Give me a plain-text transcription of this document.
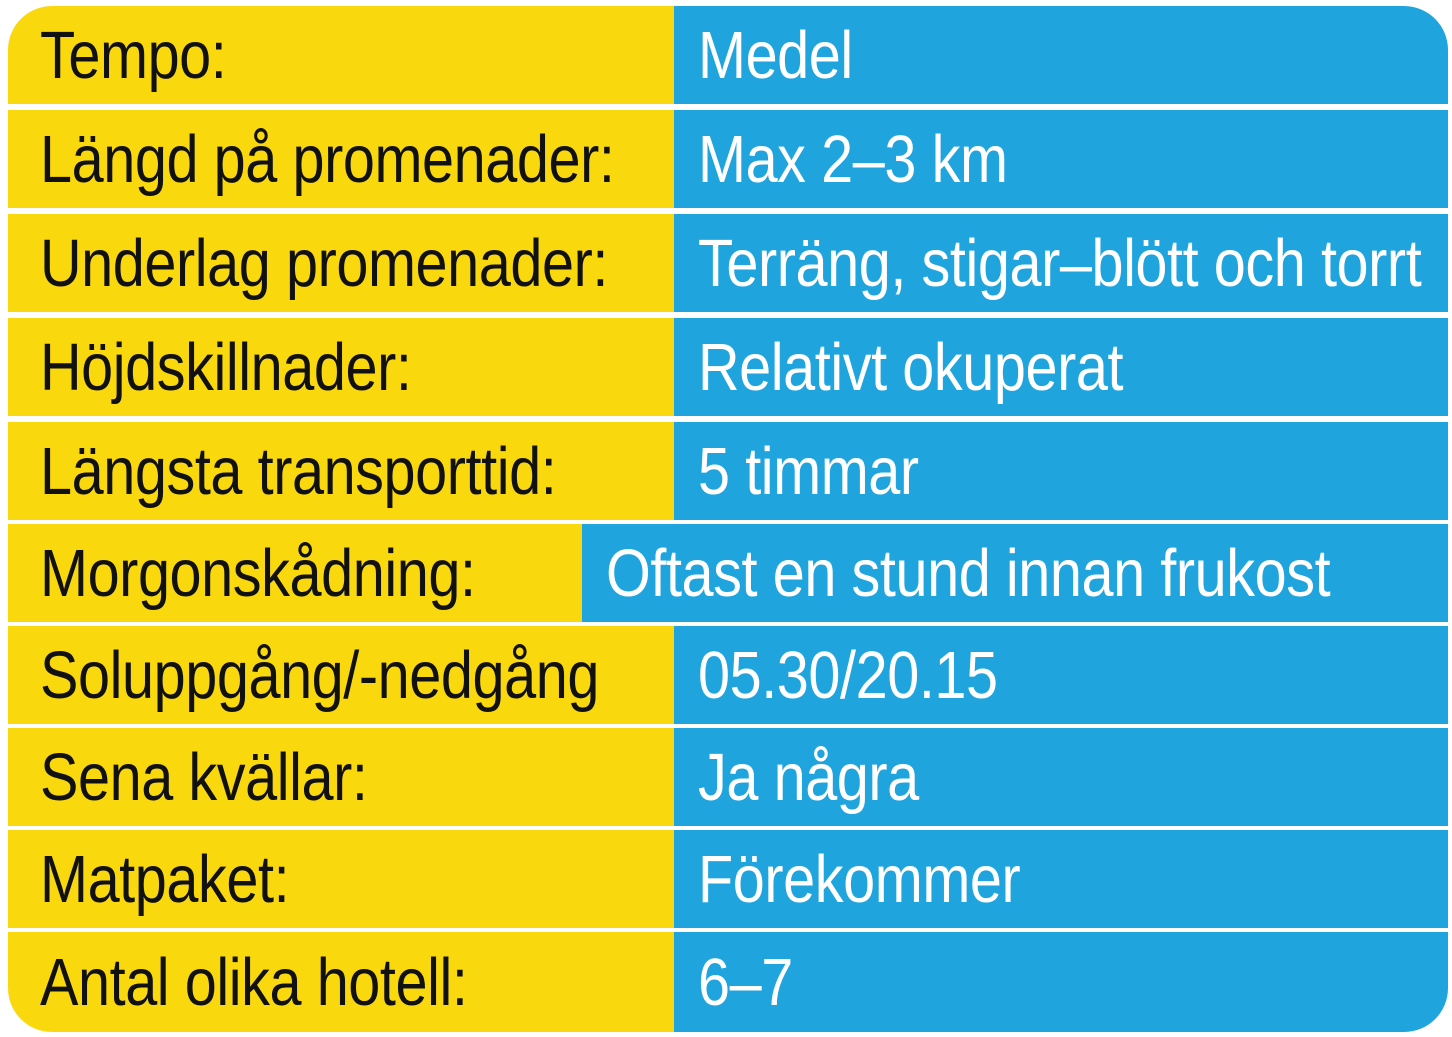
Tempo:	Medel
Längd på promenader: Max 2–3 km
Underlag promenader: Terräng, stigar–blött och torrt
Höjdskillnader:	Relativt okuperat
Längsta transporttid: 5 timmar
Morgonskådning: Oftast en stund innan frukost
Soluppgång/-nedgång 05.30/20.15
Sena kvällar:	Ja några
Matpaket:	Förekommer
Antal olika hotell:	6–7
